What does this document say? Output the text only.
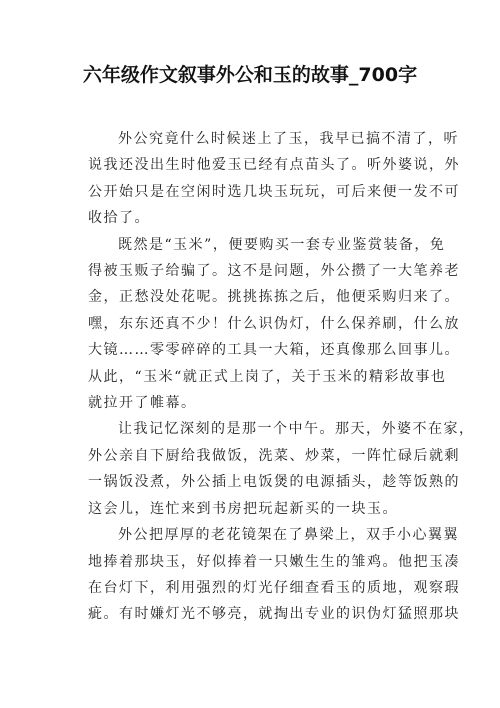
六年级作文叙事外公和玉的故事_700字

外公究竟什么时候迷上了玉，我早已搞不清了，听
说我还没出生时他爱玉已经有点苗头了。听外婆说，外
公开始只是在空闲时选几块玉玩玩，可后来便一发不可
收拾了。

既然是“玉米”，便要购买一套专业鉴赏装备，免
得被玉贩子给骗了。这不是问题，外公攒了一大笔养老
金，正愁没处花呢。挑挑拣拣之后，他便采购归来了。
嘿，东东还真不少！什么识伪灯，什么保养刷，什么放
大镜……零零碎碎的工具一大箱，还真像那么回事儿。
从此，“玉米“就正式上岗了，关于玉米的精彩故事也
就拉开了帷幕。

让我记忆深刻的是那一个中午。那天，外婆不在家，
外公亲自下厨给我做饭，洗菜、炒菜，一阵忙碌后就剩
一锅饭没煮，外公插上电饭煲的电源插头，趁等饭熟的
这会儿，连忙来到书房把玩起新买的一块玉。

外公把厚厚的老花镜架在了鼻梁上，双手小心翼翼
地捧着那块玉，好似捧着一只嫩生生的雏鸡。他把玉凑
在台灯下，利用强烈的灯光仔细查看玉的质地，观察瑕
疵。有时嫌灯光不够亮，就掏出专业的识伪灯猛照那块
